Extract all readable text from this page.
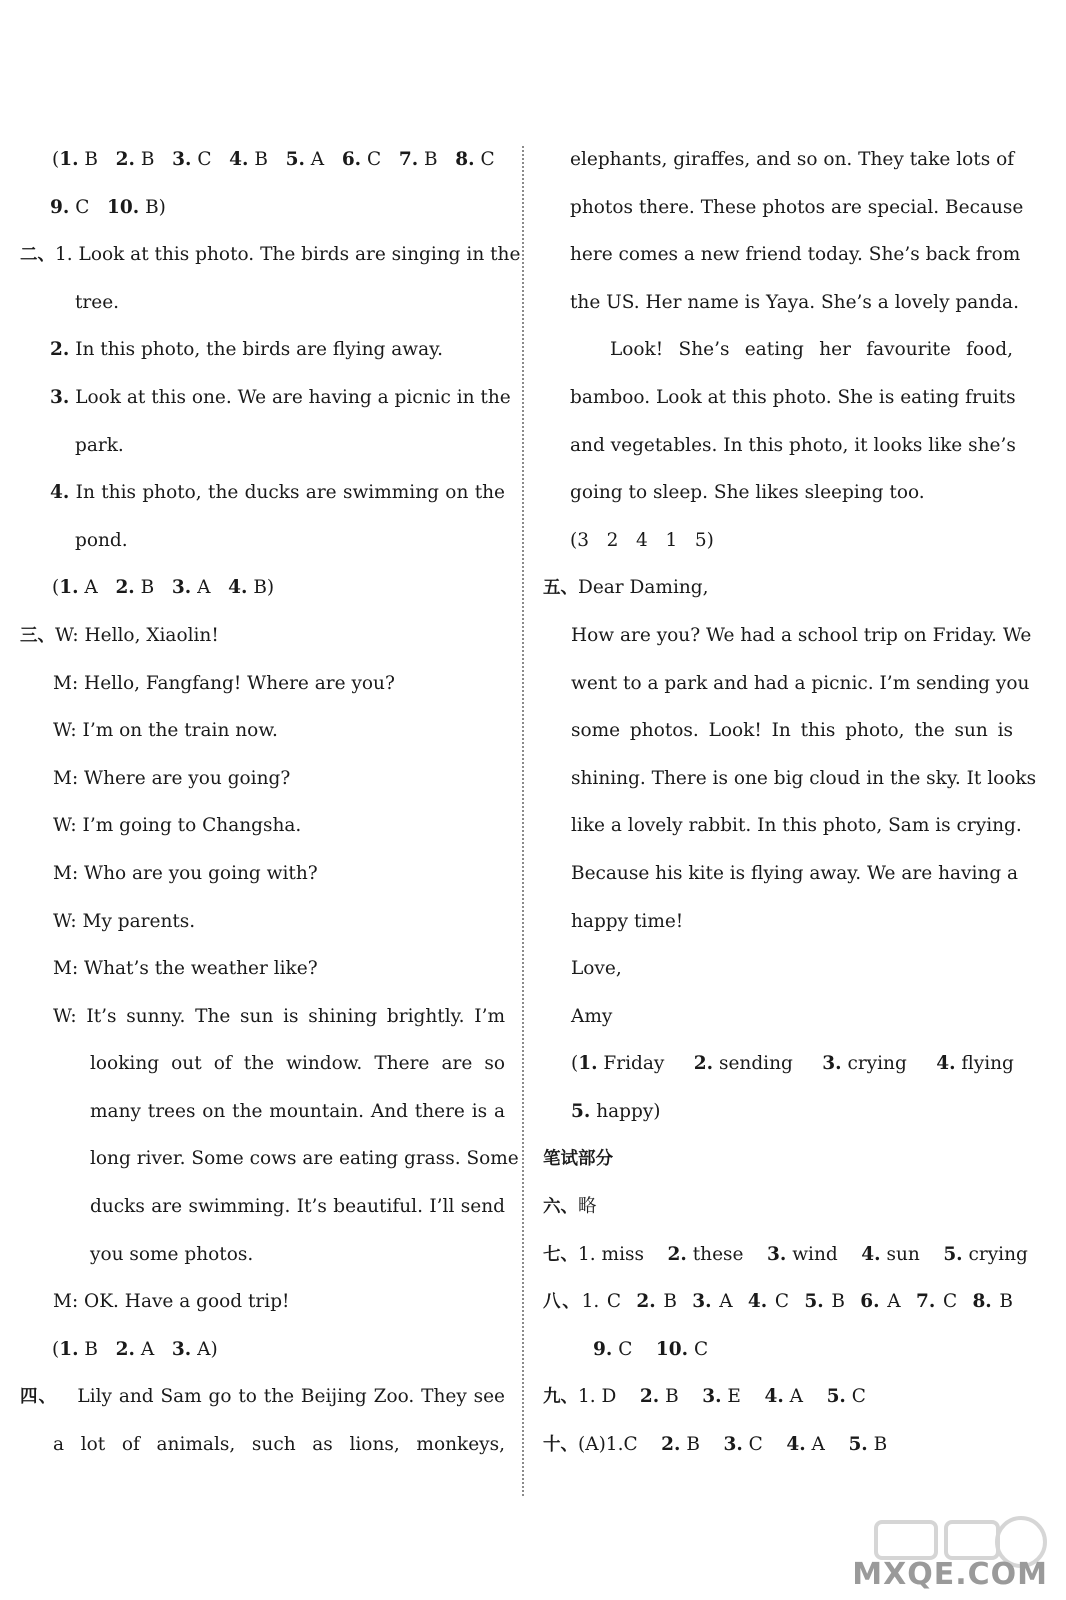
(1. B   2. B   3. C   4. B   5. A   6. C   7. B   8. C
9. C   10. B)
二、1. Look at this photo. The birds are singing in the
tree.
2. In this photo, the birds are flying away.
3. Look at this one. We are having a picnic in the
park.
4. In this photo, the ducks are swimming on the
pond.
(1. A   2. B   3. A   4. B)
三、W: Hello, Xiaolin!
M: Hello, Fangfang! Where are you?
W: I’m on the train now.
M: Where are you going?
W: I’m going to Changsha.
M: Who are you going with?
W: My parents.
M: What’s the weather like?
W: It’s sunny. The sun is shining brightly. I’m
looking out of the window. There are so
many trees on the mountain. And there is a
long river. Some cows are eating grass. Some
ducks are swimming. It’s beautiful. I’ll send
you some photos.
M: OK. Have a good trip!
(1. B   2. A   3. A)
四、   Lily and Sam go to the Beijing Zoo. They see
a lot of animals, such as lions, monkeys,
elephants, giraffes, and so on. They take lots of
photos there. These photos are special. Because
here comes a new friend today. She’s back from
the US. Her name is Yaya. She’s a lovely panda.
Look! She’s eating her favourite food,
bamboo. Look at this photo. She is eating fruits
and vegetables. In this photo, it looks like she’s
going to sleep. She likes sleeping too.
(3   2   4   1   5)
五、Dear Daming,
How are you? We had a school trip on Friday. We
went to a park and had a picnic. I’m sending you
some photos. Look! In this photo, the sun is
shining. There is one big cloud in the sky. It looks
like a lovely rabbit. In this photo, Sam is crying.
Because his kite is flying away. We are having a
happy time!
Love,
Amy
(1. Friday     2. sending     3. crying     4. flying
5. happy)
笔试部分
六、略
七、1. miss    2. these    3. wind    4. sun    5. crying
八、1. C  2. B  3. A  4. C  5. B  6. A  7. C  8. B
9. C    10. C
九、1. D    2. B    3. E    4. A    5. C
十、(A)1.C    2. B    3. C    4. A    5. B
MXQE.COM
